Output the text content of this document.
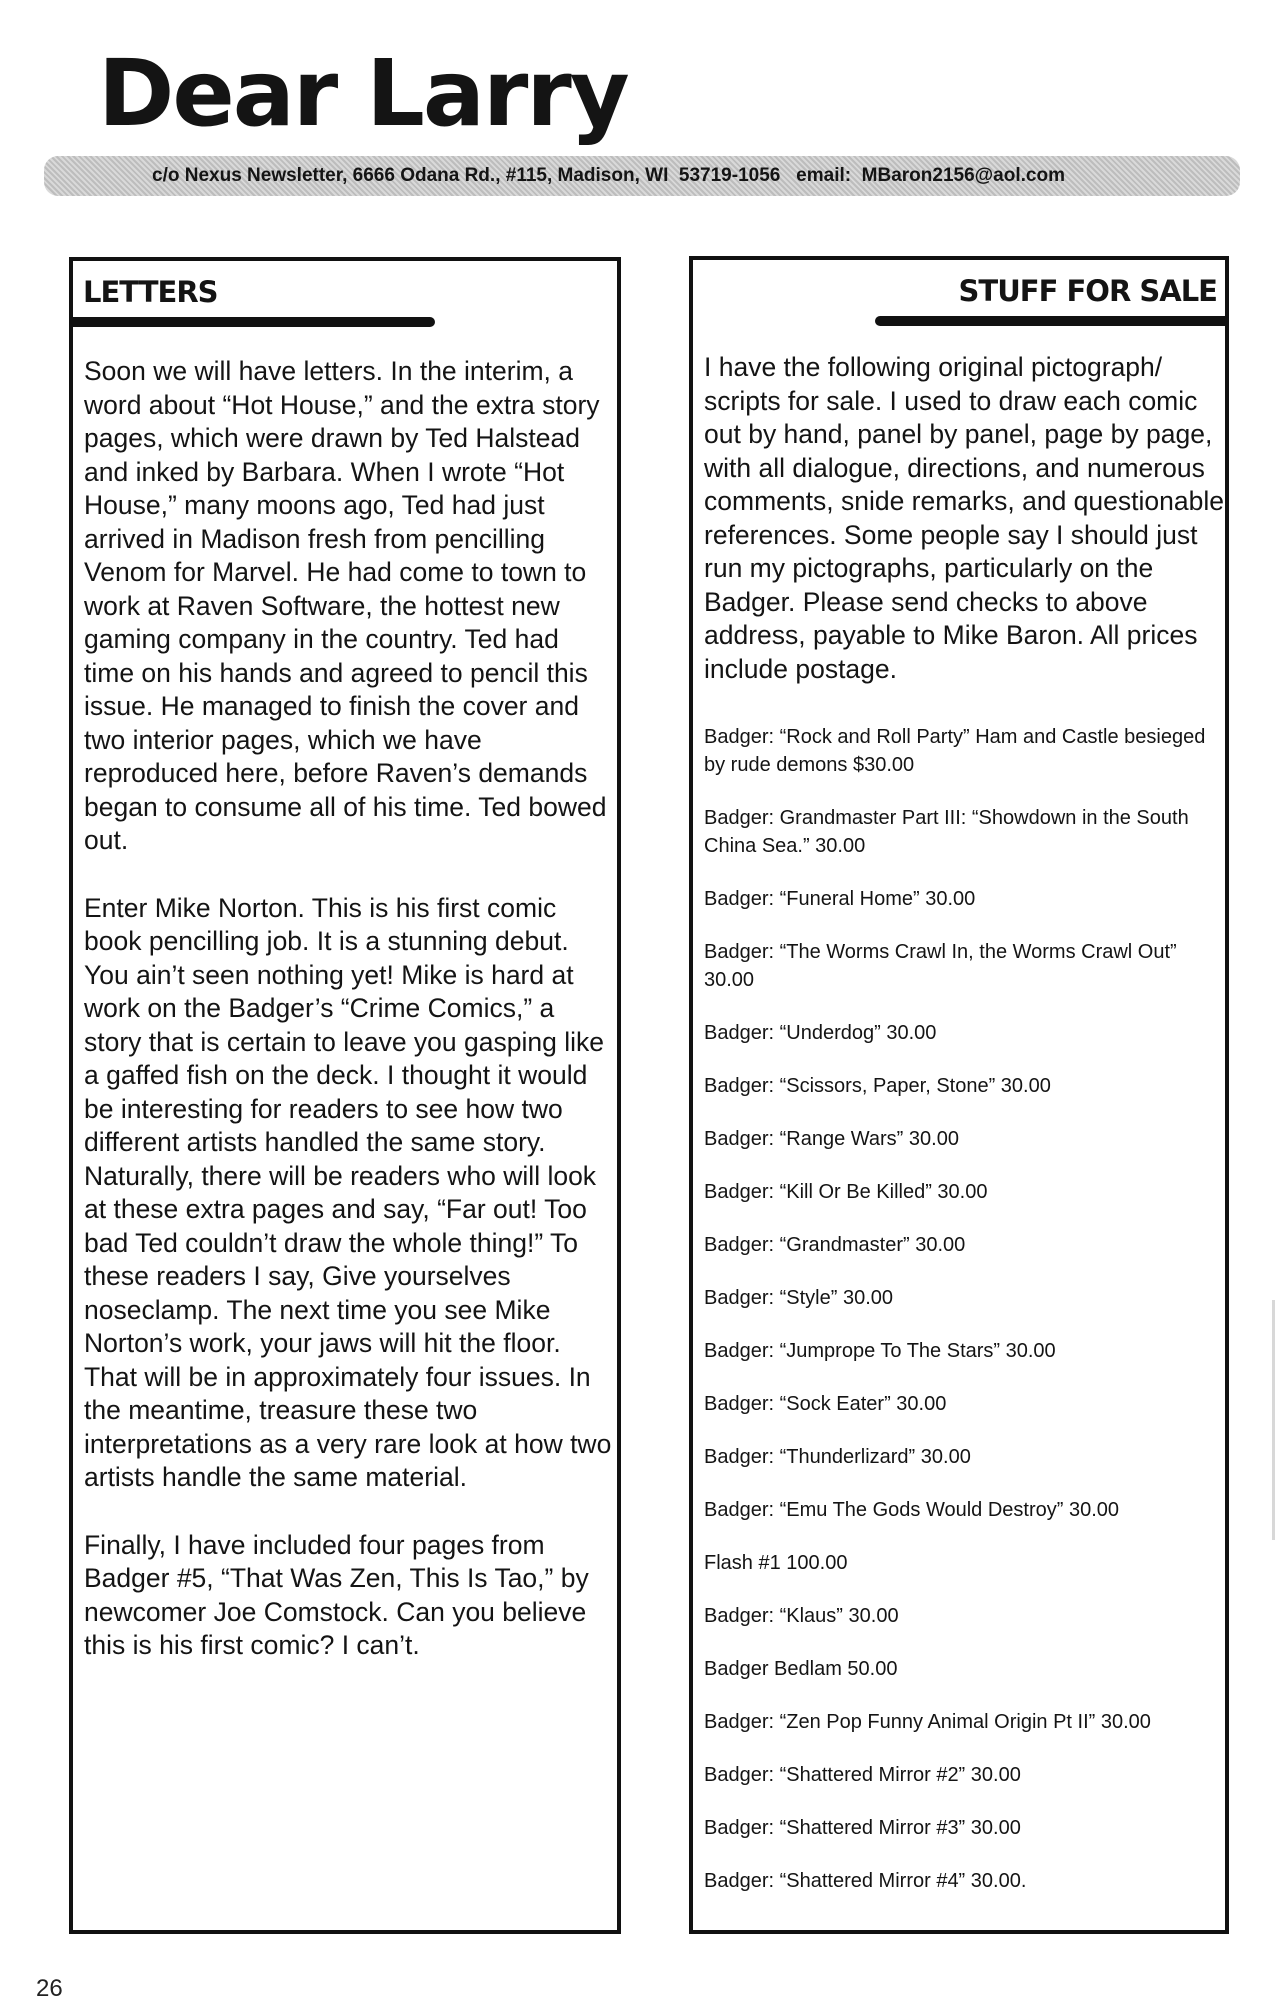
Dear Larry
c/o Nexus Newsletter, 6666 Odana Rd., #115, Madison, WI  53719-1056   email:  MBaron2156@aol.com
LETTERS

Soon we will have letters. In the interim, a word about “Hot House,” and the extra story pages, which were drawn by Ted Halstead and inked by Barbara. When I wrote “Hot House,” many moons ago, Ted had just arrived in Madison fresh from pencilling Venom for Marvel. He had come to town to work at Raven Software, the hottest new gaming company in the country. Ted had time on his hands and agreed to pencil this issue. He managed to finish the cover and two interior pages, which we have reproduced here, before Raven’s demands began to consume all of his time. Ted bowed out.

Enter Mike Norton. This is his first comic book pencilling job. It is a stunning debut. You ain’t seen nothing yet! Mike is hard at work on the Badger’s “Crime Comics,” a story that is certain to leave you gasping like a gaffed fish on the deck. I thought it would be interesting for readers to see how two different artists handled the same story. Naturally, there will be readers who will look at these extra pages and say, “Far out! Too bad Ted couldn’t draw the whole thing!” To these readers I say, Give yourselves noseclamp. The next time you see Mike Norton’s work, your jaws will hit the floor. That will be in approximately four issues. In the meantime, treasure these two interpretations as a very rare look at how two artists handle the same material.

Finally, I have included four pages from Badger #5, “That Was Zen, This Is Tao,” by newcomer Joe Comstock. Can you believe this is his first comic? I can’t.

STUFF FOR SALE

I have the following original pictograph/ scripts for sale. I used to draw each comic out by hand, panel by panel, page by page, with all dialogue, directions, and numerous comments, snide remarks, and questionable references. Some people say I should just run my pictographs, particularly on the Badger. Please send checks to above address, payable to Mike Baron. All prices include postage.

Badger: “Rock and Roll Party” Ham and Castle besieged by rude demons $30.00
Badger: Grandmaster Part III: “Showdown in the South China Sea.” 30.00
Badger: “Funeral Home” 30.00
Badger: “The Worms Crawl In, the Worms Crawl Out” 30.00
Badger: “Underdog” 30.00
Badger: “Scissors, Paper, Stone” 30.00
Badger: “Range Wars” 30.00
Badger: “Kill Or Be Killed” 30.00
Badger: “Grandmaster” 30.00
Badger: “Style” 30.00
Badger: “Jumprope To The Stars” 30.00
Badger: “Sock Eater” 30.00
Badger: “Thunderlizard” 30.00
Badger: “Emu The Gods Would Destroy” 30.00
Flash #1 100.00
Badger: “Klaus” 30.00
Badger Bedlam 50.00
Badger: “Zen Pop Funny Animal Origin Pt II” 30.00
Badger: “Shattered Mirror #2” 30.00
Badger: “Shattered Mirror #3” 30.00
Badger: “Shattered Mirror #4” 30.00.
26
